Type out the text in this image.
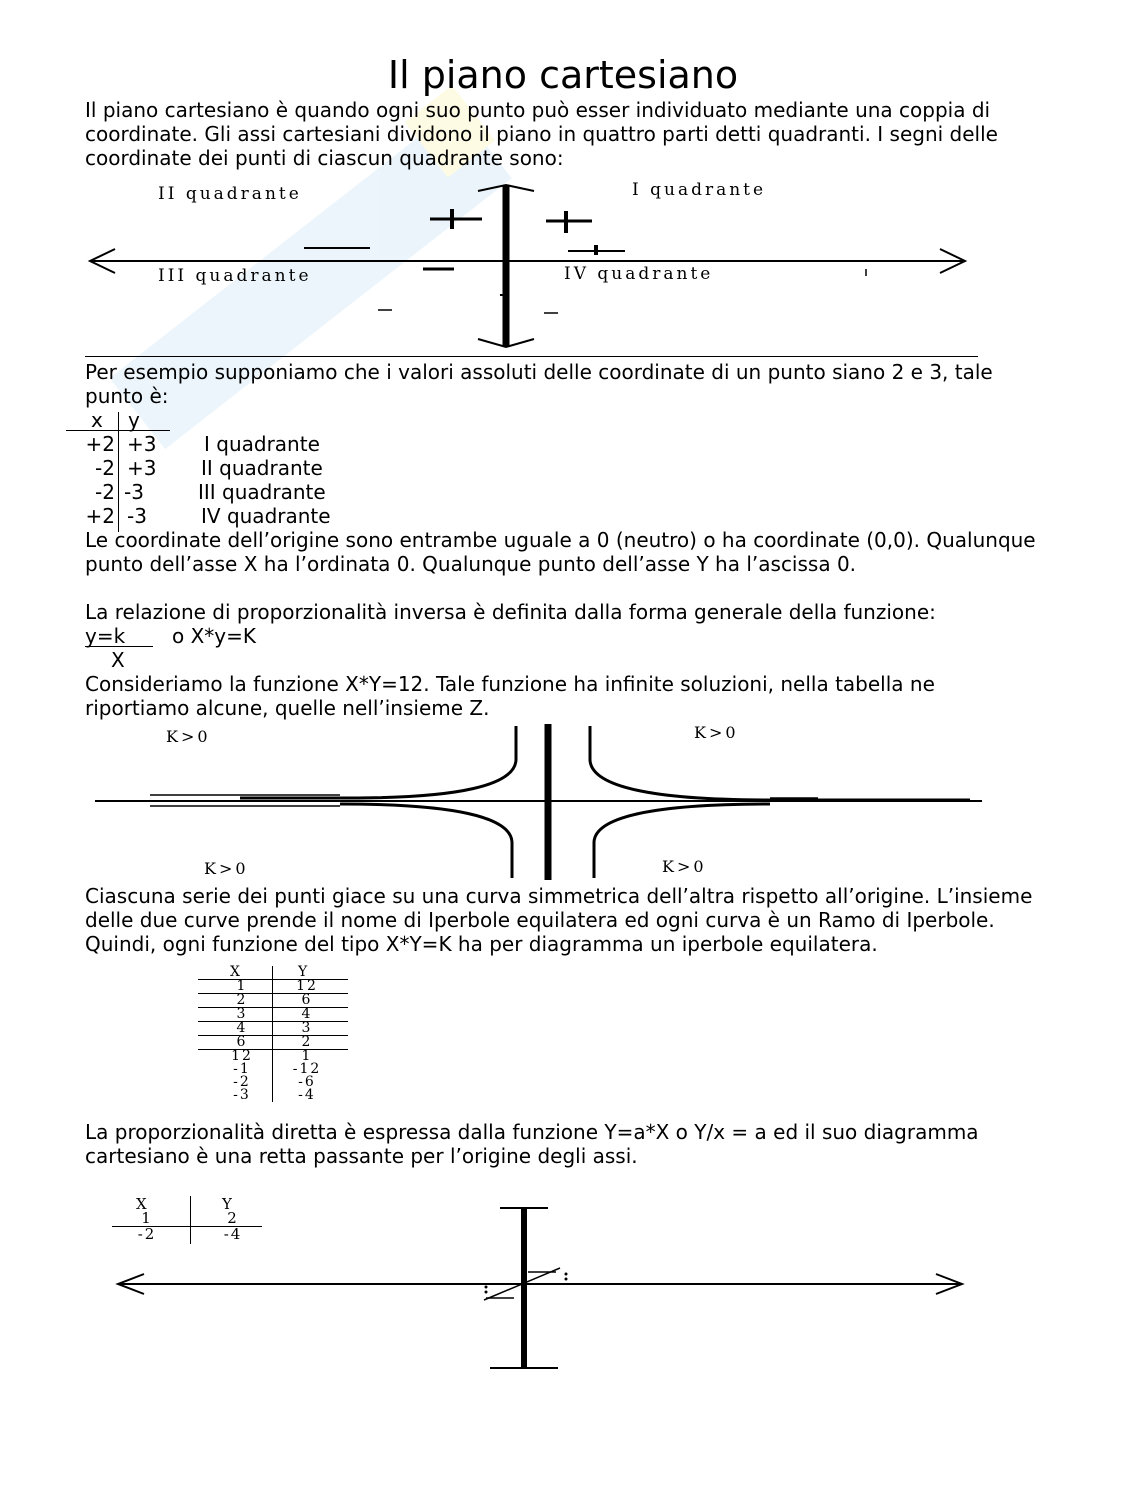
Il piano cartesiano
Il piano cartesiano è quando ogni suo punto può esser individuato mediante una coppia di coordinate. Gli assi cartesiani dividono il piano in quattro parti detti quadranti. I segni delle coordinate dei punti di ciascun quadrante sono:
II quadrante	I quadrante
III quadrante	IV quadrante
Per esempio supponiamo che i valori assoluti delle coordinate di un punto siano 2 e 3, tale punto è:
x y
+2 +3 I quadrante
-2 +3 II quadrante
-2 -3	III quadrante
+2 -3	IV quadrante
Le coordinate dell’origine sono entrambe uguale a 0 (neutro) o ha coordinate (0,0). Qualunque punto dell’asse X ha l’ordinata 0. Qualunque punto dell’asse Y ha l’ascissa 0.
La relazione di proporzionalità inversa è definita dalla forma generale della funzione:
y=k o X*y=K
X
Consideriamo la funzione X*Y=12. Tale funzione ha infinite soluzioni, nella tabella ne riportiamo alcune, quelle nell’insieme Z.
K>0	K>0
K>0	K>0
Ciascuna serie dei punti giace su una curva simmetrica dell’altra rispetto all’origine. L’insieme delle due curve prende il nome di Iperbole equilatera ed ogni curva è un Ramo di Iperbole. Quindi, ogni funzione del tipo X*Y=K ha per diagramma un iperbole equilatera.
X	Y
1	12
2	6
3	4
4	3
6	2
12	1
-1	-12
-2	-6
-3	-4
La proporzionalità diretta è espressa dalla funzione Y=a*X o Y/x = a ed il suo diagramma cartesiano è una retta passante per l’origine degli assi.
X	Y
1	2
-2	-4
